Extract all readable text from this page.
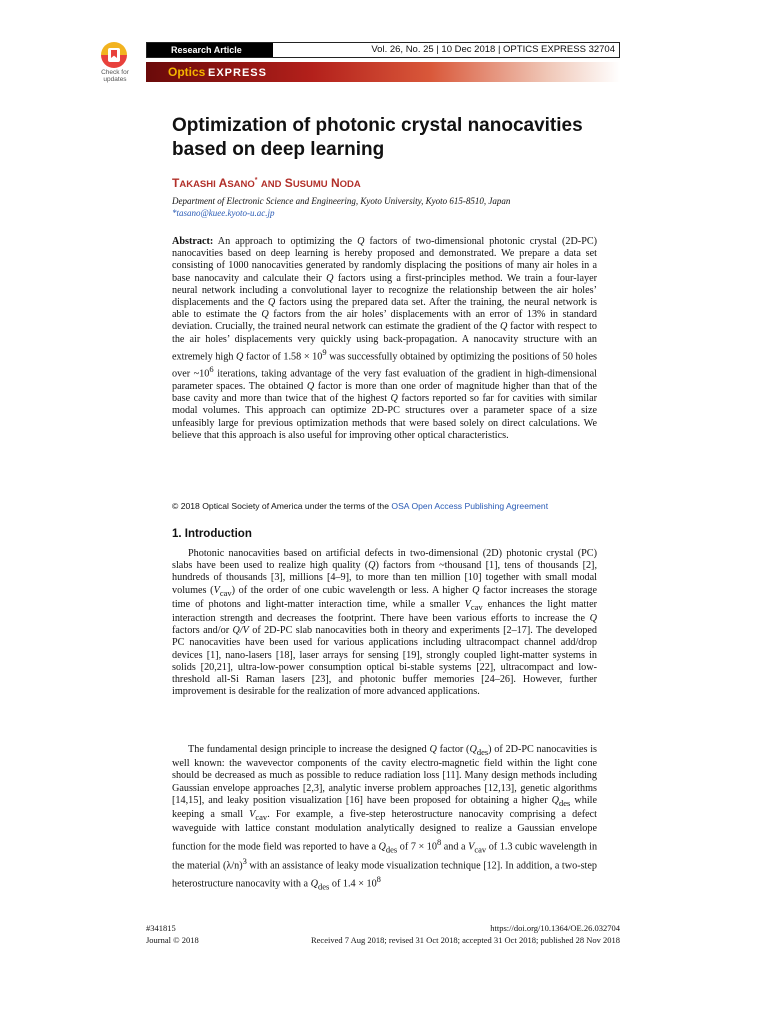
Check for updates
Research Article	Vol. 26, No. 25 | 10 Dec 2018 | OPTICS EXPRESS 32704
Optics EXPRESS
Optimization of photonic crystal nanocavities based on deep learning
TAKASHI ASANO* AND SUSUMU NODA
Department of Electronic Science and Engineering, Kyoto University, Kyoto 615-8510, Japan
*tasano@kuee.kyoto-u.ac.jp
Abstract: An approach to optimizing the Q factors of two-dimensional photonic crystal (2D-PC) nanocavities based on deep learning is hereby proposed and demonstrated. We prepare a data set consisting of 1000 nanocavities generated by randomly displacing the positions of many air holes in a base nanocavity and calculate their Q factors using a first-principles method. We train a four-layer neural network including a convolutional layer to recognize the relationship between the air holes’ displacements and the Q factors using the prepared data set. After the training, the neural network is able to estimate the Q factors from the air holes’ displacements with an error of 13% in standard deviation. Crucially, the trained neural network can estimate the gradient of the Q factor with respect to the air holes’ displacements very quickly using back-propagation. A nanocavity structure with an extremely high Q factor of $1.58 \times 10^9$ was successfully obtained by optimizing the positions of 50 holes over $\sim 10^6$ iterations, taking advantage of the very fast evaluation of the gradient in high-dimensional parameter spaces. The obtained Q factor is more than one order of magnitude higher than that of the base cavity and more than twice that of the highest Q factors reported so far for cavities with similar modal volumes. This approach can optimize 2D-PC structures over a parameter space of a size unfeasibly large for previous optimization methods that were based solely on direct calculations. We believe that this approach is also useful for improving other optical characteristics.
© 2018 Optical Society of America under the terms of the OSA Open Access Publishing Agreement
1. Introduction
Photonic nanocavities based on artificial defects in two-dimensional (2D) photonic crystal (PC) slabs have been used to realize high quality (Q) factors from ~thousand [1], tens of thousands [2], hundreds of thousands [3], millions [4–9], to more than ten million [10] together with small modal volumes $(V_{cav})$ of the order of one cubic wavelength or less. A higher Q factor increases the storage time of photons and light-matter interaction time, while a smaller $V_{cav}$ enhances the light matter interaction strength and decreases the footprint. There have been various efforts to increase the Q factors and/or Q/V of 2D-PC slab nanocavities both in theory and experiments [2–17]. The developed PC nanocavities have been used for various applications including ultracompact channel add/drop devices [1], nano-lasers [18], laser arrays for sensing [19], strongly coupled light-matter systems in solids [20,21], ultra-low-power consumption optical bi-stable systems [22], ultracompact and low-threshold all-Si Raman lasers [23], and photonic buffer memories [24–26]. However, further improvement is desirable for the realization of more advanced applications.
The fundamental design principle to increase the designed Q factor $(Q_{des})$ of 2D-PC nanocavities is well known: the wavevector components of the cavity electro-magnetic field within the light cone should be decreased as much as possible to reduce radiation loss [11]. Many design methods including Gaussian envelope approaches [2,3], analytic inverse problem approaches [12,13], genetic algorithms [14,15], and leaky position visualization [16] have been proposed for obtaining a higher $Q_{des}$ while keeping a small $V_{cav}$. For example, a five-step heterostructure nanocavity comprising a defect waveguide with lattice constant modulation analytically designed to realize a Gaussian envelope function for the mode field was reported to have a $Q_{des}$ of $7 \times 10^8$ and a $V_{cav}$ of 1.3 cubic wavelength in the material $(\lambda/n)^3$ with an assistance of leaky mode visualization technique [12]. In addition, a two-step heterostructure nanocavity with a $Q_{des}$ of $1.4 \times 10^8$
#341815
Journal © 2018
https://doi.org/10.1364/OE.26.032704
Received 7 Aug 2018; revised 31 Oct 2018; accepted 31 Oct 2018; published 28 Nov 2018
